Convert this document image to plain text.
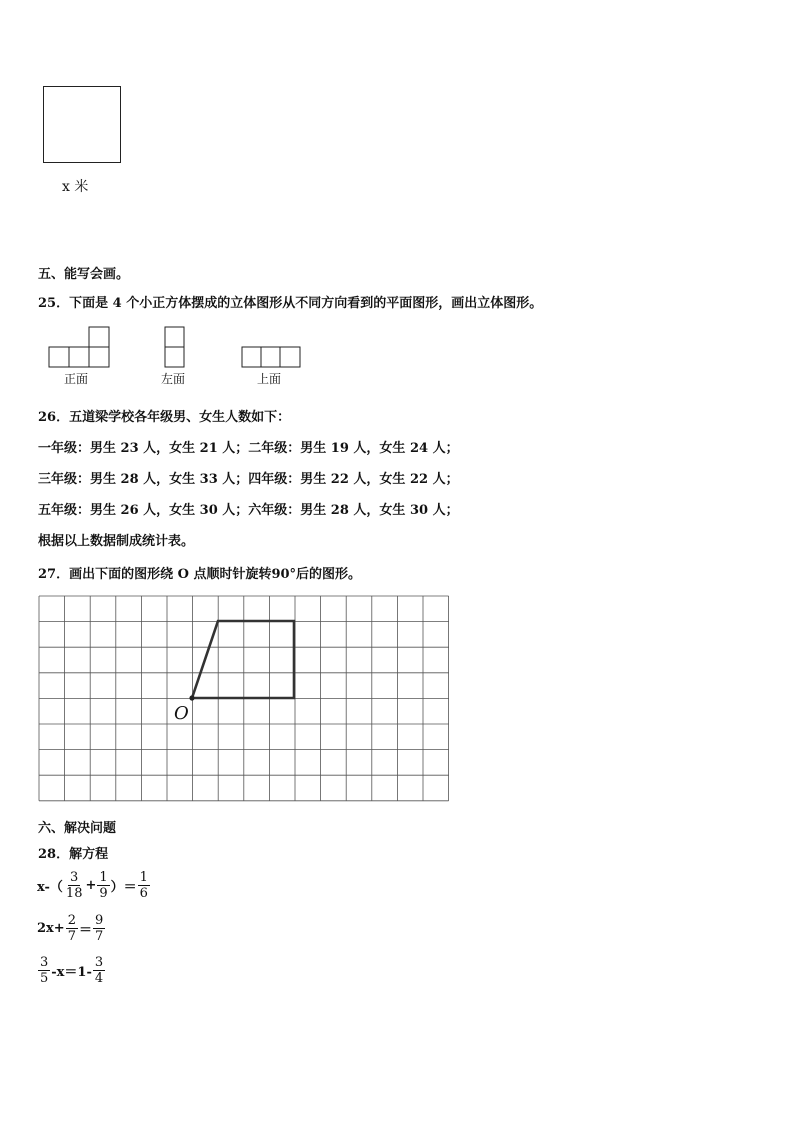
x 米
五、能写会画。
25．下面是 4 个小正方体摆成的立体图形从不同方向看到的平面图形，画出立体图形。
正面	左面	上面
26．五道梁学校各年级男、女生人数如下：
一年级：男生 23 人，女生 21 人；二年级：男生 19 人，女生 24 人；
三年级：男生 28 人，女生 33 人；四年级：男生 22 人，女生 22 人；
五年级：男生 26 人，女生 30 人；六年级：男生 28 人，女生 30 人；
根据以上数据制成统计表。
27．画出下面的图形绕 O 点顺时针旋转90°后的图形。
O
六、解决问题
28．解方程
$x-( \frac{3}{18} + \frac{1}{9}$ ）＝ $\frac{1}{6}$
$2x+ \frac{2}{7} = \frac{9}{7}$
$\frac{3}{5} -x=1- \frac{3}{4}$
